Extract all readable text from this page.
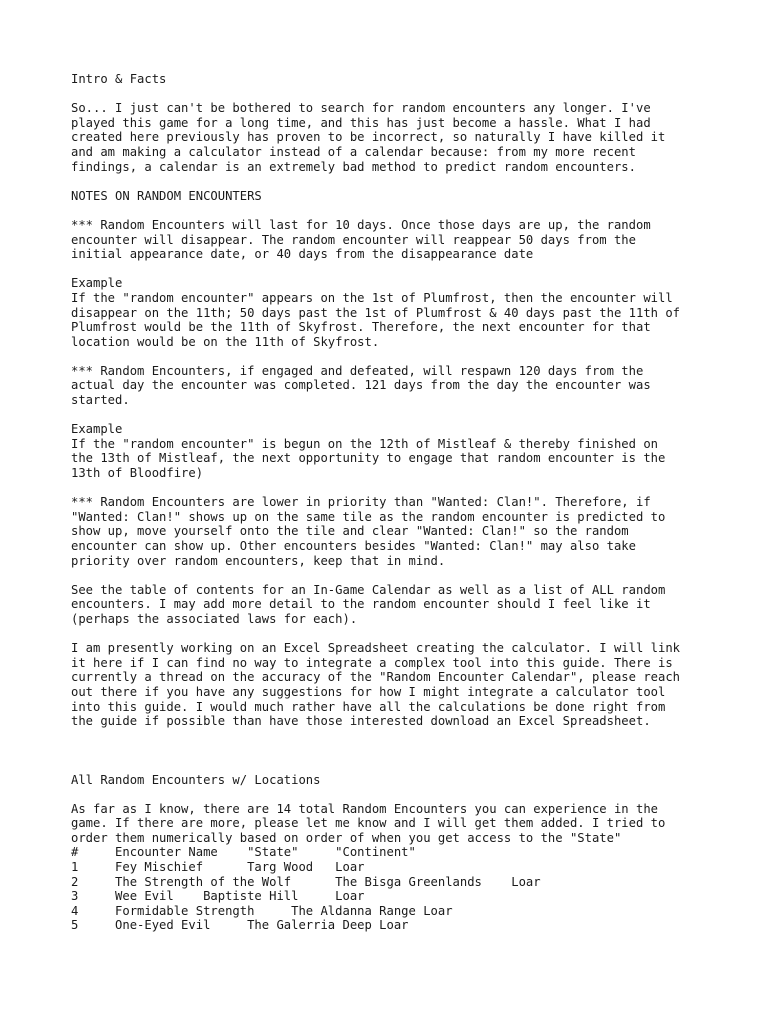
Intro & Facts
So... I just can't be bothered to search for random encounters any longer. I've
played this game for a long time, and this has just become a hassle. What I had
created here previously has proven to be incorrect, so naturally I have killed it
and am making a calculator instead of a calendar because: from my more recent
findings, a calendar is an extremely bad method to predict random encounters.
NOTES ON RANDOM ENCOUNTERS
*** Random Encounters will last for 10 days. Once those days are up, the random
encounter will disappear. The random encounter will reappear 50 days from the
initial appearance date, or 40 days from the disappearance date
Example
If the "random encounter" appears on the 1st of Plumfrost, then the encounter will
disappear on the 11th; 50 days past the 1st of Plumfrost & 40 days past the 11th of
Plumfrost would be the 11th of Skyfrost. Therefore, the next encounter for that
location would be on the 11th of Skyfrost.
*** Random Encounters, if engaged and defeated, will respawn 120 days from the
actual day the encounter was completed. 121 days from the day the encounter was
started.
Example
If the "random encounter" is begun on the 12th of Mistleaf & thereby finished on
the 13th of Mistleaf, the next opportunity to engage that random encounter is the
13th of Bloodfire)
*** Random Encounters are lower in priority than "Wanted: Clan!". Therefore, if
"Wanted: Clan!" shows up on the same tile as the random encounter is predicted to
show up, move yourself onto the tile and clear "Wanted: Clan!" so the random
encounter can show up. Other encounters besides "Wanted: Clan!" may also take
priority over random encounters, keep that in mind.
See the table of contents for an In-Game Calendar as well as a list of ALL random
encounters. I may add more detail to the random encounter should I feel like it
(perhaps the associated laws for each).
I am presently working on an Excel Spreadsheet creating the calculator. I will link
it here if I can find no way to integrate a complex tool into this guide. There is
currently a thread on the accuracy of the "Random Encounter Calendar", please reach
out there if you have any suggestions for how I might integrate a calculator tool
into this guide. I would much rather have all the calculations be done right from
the guide if possible than have those interested download an Excel Spreadsheet.
All Random Encounters w/ Locations
As far as I know, there are 14 total Random Encounters you can experience in the
game. If there are more, please let me know and I will get them added. I tried to
order them numerically based on order of when you get access to the "State"
#     Encounter Name    "State"     "Continent"
1     Fey Mischief      Targ Wood   Loar
2     The Strength of the Wolf      The Bisga Greenlands    Loar
3     Wee Evil    Baptiste Hill     Loar
4     Formidable Strength     The Aldanna Range Loar
5     One-Eyed Evil     The Galerria Deep Loar
